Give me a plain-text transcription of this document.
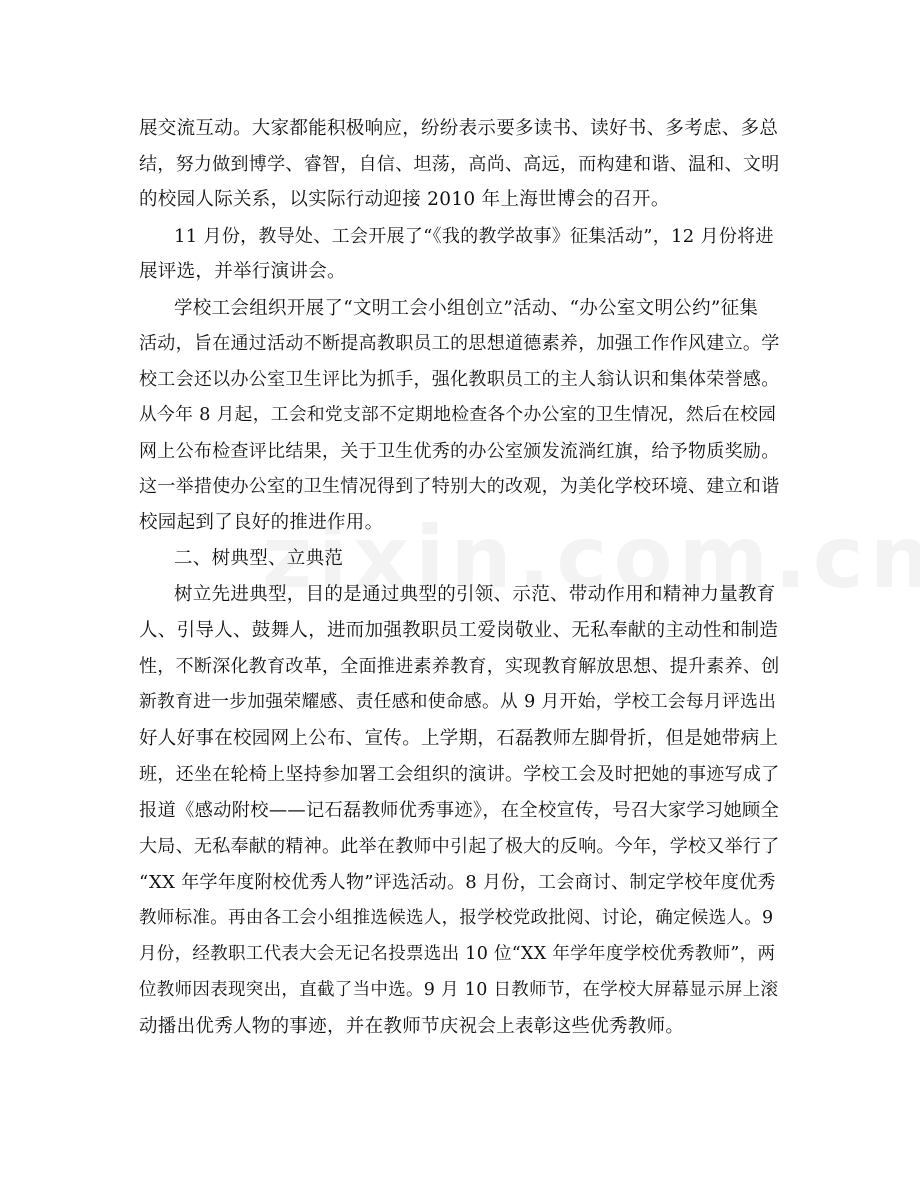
展交流互动。大家都能积极响应，纷纷表示要多读书、读好书、多考虑、多总

结，努力做到博学、睿智，自信、坦荡，高尚、高远，而构建和谐、温和、文明

的校园人际关系，以实际行动迎接 2010 年上海世博会的召开。

11 月份，教导处、工会开展了“《我的教学故事》征集活动”，12 月份将进

展评选，并举行演讲会。

学校工会组织开展了“文明工会小组创立”活动、“办公室文明公约”征集

活动，旨在通过活动不断提高教职员工的思想道德素养，加强工作作风建立。学

校工会还以办公室卫生评比为抓手，强化教职员工的主人翁认识和集体荣誉感。

从今年 8 月起，工会和党支部不定期地检查各个办公室的卫生情况，然后在校园

网上公布检查评比结果，关于卫生优秀的办公室颁发流淌红旗，给予物质奖励。

这一举措使办公室的卫生情况得到了特别大的改观，为美化学校环境、建立和谐

校园起到了良好的推进作用。

二、树典型、立典范

树立先进典型，目的是通过典型的引领、示范、带动作用和精神力量教育

人、引导人、鼓舞人，进而加强教职员工爱岗敬业、无私奉献的主动性和制造

性，不断深化教育改革，全面推进素养教育，实现教育解放思想、提升素养、创

新教育进一步加强荣耀感、责任感和使命感。从 9 月开始，学校工会每月评选出

好人好事在校园网上公布、宣传。上学期，石磊教师左脚骨折，但是她带病上

班，还坐在轮椅上坚持参加署工会组织的演讲。学校工会及时把她的事迹写成了

报道《感动附校——记石磊教师优秀事迹》，在全校宣传，号召大家学习她顾全

大局、无私奉献的精神。此举在教师中引起了极大的反响。今年，学校又举行了

“XX 年学年度附校优秀人物”评选活动。8 月份，工会商讨、制定学校年度优秀

教师标准。再由各工会小组推选候选人，报学校党政批阅、讨论，确定候选人。9

月份，经教职工代表大会无记名投票选出 10 位“XX 年学年度学校优秀教师”，两

位教师因表现突出，直截了当中选。9 月 10 日教师节，在学校大屏幕显示屏上滚

动播出优秀人物的事迹，并在教师节庆祝会上表彰这些优秀教师。
